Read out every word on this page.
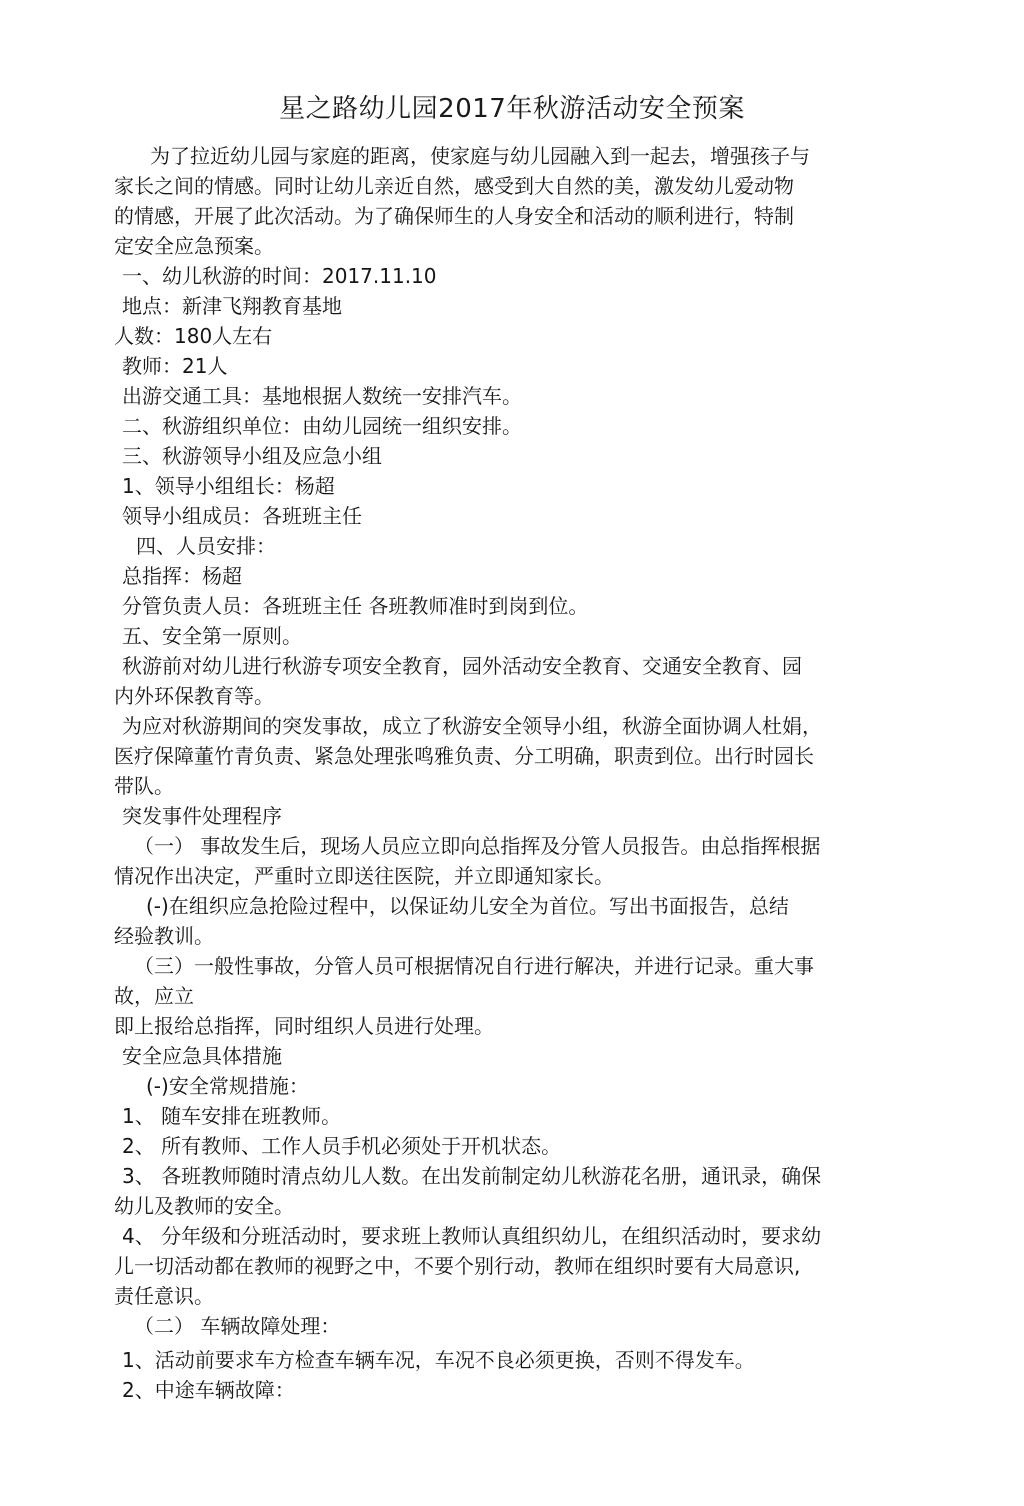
星之路幼儿园2017年秋游活动安全预案
为了拉近幼儿园与家庭的距离，使家庭与幼儿园融入到一起去，增强孩子与
家长之间的情感。同时让幼儿亲近自然，感受到大自然的美，激发幼儿爱动物
的情感，开展了此次活动。为了确保师生的人身安全和活动的顺利进行，特制
定安全应急预案。
一、幼儿秋游的时间：2017.11.10
地点：新津飞翔教育基地
人数：180人左右
教师：21人
出游交通工具：基地根据人数统一安排汽车。
二、秋游组织单位：由幼儿园统一组织安排。
三、秋游领导小组及应急小组
1、领导小组组长：杨超
领导小组成员：各班班主任
四、人员安排：
总指挥：杨超
分管负责人员：各班班主任 各班教师准时到岗到位。
五、安全第一原则。
秋游前对幼儿进行秋游专项安全教育，园外活动安全教育、交通安全教育、园
内外环保教育等。
为应对秋游期间的突发事故，成立了秋游安全领导小组，秋游全面协调人杜娟，
医疗保障董竹青负责、紧急处理张鸣雅负责、分工明确，职责到位。出行时园长
带队。
突发事件处理程序
（一） 事故发生后，现场人员应立即向总指挥及分管人员报告。由总指挥根据
情况作出决定，严重时立即送往医院，并立即通知家长。
(-)在组织应急抢险过程中，以保证幼儿安全为首位。写出书面报告，总结
经验教训。
（三）一般性事故，分管人员可根据情况自行进行解决，并进行记录。重大事
故，应立
即上报给总指挥，同时组织人员进行处理。
安全应急具体措施
(-)安全常规措施：
1、 随车安排在班教师。
2、 所有教师、工作人员手机必须处于开机状态。
3、 各班教师随时清点幼儿人数。在出发前制定幼儿秋游花名册，通讯录，确保
幼儿及教师的安全。
4、 分年级和分班活动时，要求班上教师认真组织幼儿，在组织活动时，要求幼
儿一切活动都在教师的视野之中，不要个别行动，教师在组织时要有大局意识,
责任意识。
（二） 车辆故障处理：
1、活动前要求车方检查车辆车况，车况不良必须更换，否则不得发车。
2、中途车辆故障：
